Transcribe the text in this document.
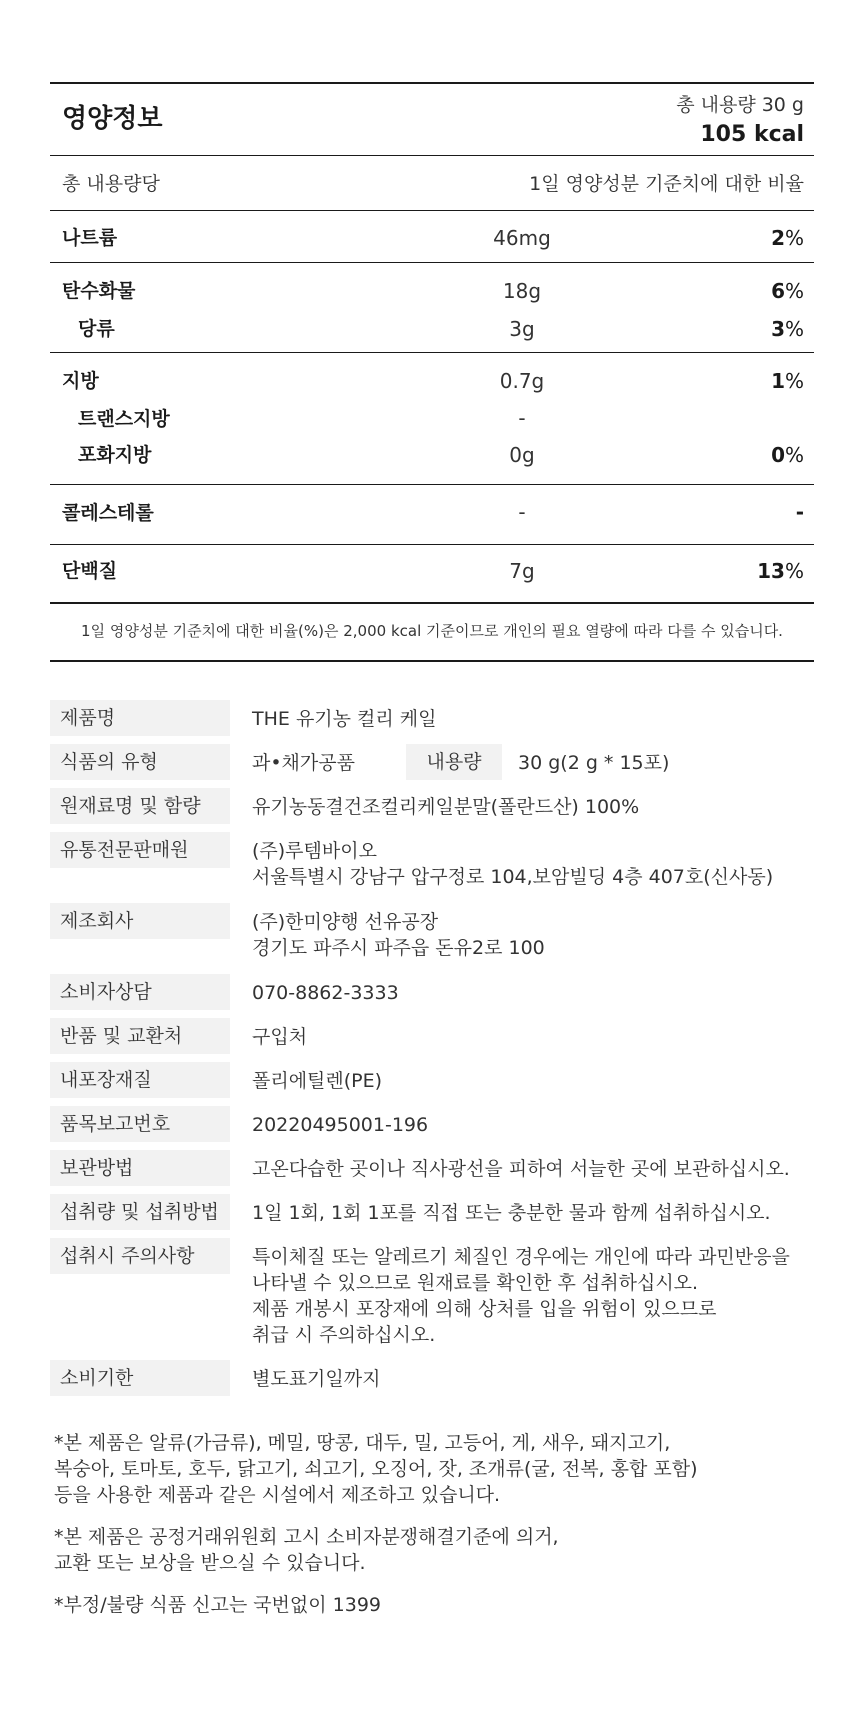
영양정보	총 내용량 30 g
105 kcal
총 내용량당	1일 영양성분 기준치에 대한 비율
나트륨	46mg	2%
탄수화물	18g	6%
당류	3g	3%
지방	0.7g	1%
트랜스지방	-
포화지방	0g	0%
콜레스테롤	-	-
단백질	7g	13%
1일 영양성분 기준치에 대한 비율(%)은 2,000 kcal 기준이므로 개인의 필요 열량에 따라 다를 수 있습니다.
제품명	THE 유기농 컬리 케일
식품의 유형	과•채가공품	내용량	30 g(2 g * 15포)
원재료명 및 함량	유기농동결건조컬리케일분말(폴란드산) 100%
유통전문판매원	(주)루템바이오
서울특별시 강남구 압구정로 104,보암빌딩 4층 407호(신사동)
제조회사	(주)한미양행 선유공장
경기도 파주시 파주읍 돈유2로 100
소비자상담	070-8862-3333
반품 및 교환처	구입처
내포장재질	폴리에틸렌(PE)
품목보고번호	20220495001-196
보관방법	고온다습한 곳이나 직사광선을 피하여 서늘한 곳에 보관하십시오.
섭취량 및 섭취방법	1일 1회, 1회 1포를 직접 또는 충분한 물과 함께 섭취하십시오.
섭취시 주의사항	특이체질 또는 알레르기 체질인 경우에는 개인에 따라 과민반응을
나타낼 수 있으므로 원재료를 확인한 후 섭취하십시오.
제품 개봉시 포장재에 의해 상처를 입을 위험이 있으므로
취급 시 주의하십시오.
소비기한	별도표기일까지

*본 제품은 알류(가금류), 메밀, 땅콩, 대두, 밀, 고등어, 게, 새우, 돼지고기,
복숭아, 토마토, 호두, 닭고기, 쇠고기, 오징어, 잣, 조개류(굴, 전복, 홍합 포함)
등을 사용한 제품과 같은 시설에서 제조하고 있습니다.

*본 제품은 공정거래위원회 고시 소비자분쟁해결기준에 의거,
교환 또는 보상을 받으실 수 있습니다.

*부정/불량 식품 신고는 국번없이 1399
